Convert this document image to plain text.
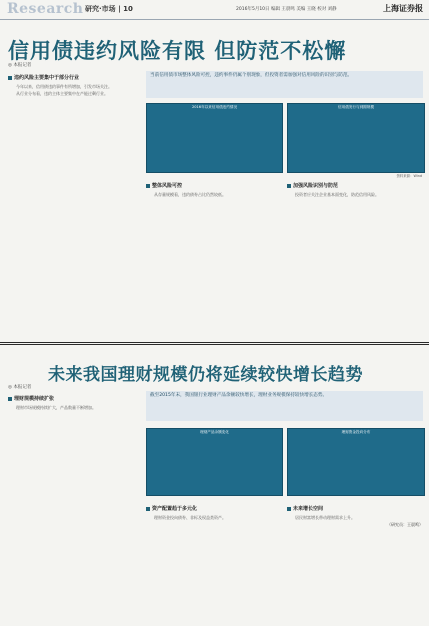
Research 研究·市场 | 10	2016年5月10日 编辑 王晨鸣 美编 王晓 校对 刘静	上海证券报
信用债违约风险有限 但防范不松懈
◎ 本报记者
违约风险主要集中于部分行业

今年以来，信用债违约事件有所增加，引发市场关注。

从行业分布看，违约主体主要集中在产能过剩行业。

当前信用债市场整体风险可控，违约事件仍属个别现象，但投资者需加强对信用风险的识别与防范。

2016年以来信用债违约情况	信用债发行与到期规模
资料来源：Wind
整体风险可控

从存量规模看，违约债券占比仍然较低。

加强风险识别与防范

投资者应关注企业基本面变化，防范信用风险。

未来我国理财规模仍将延续较快增长趋势
◎ 本报记者
理财规模持续扩张

理财市场规模持续扩大，产品数量不断增加。

截至2015年末，我国银行业理财产品余额较快增长，理财业务规模保持较快增长态势。

理财产品余额变化	理财资金投向分布
资产配置趋于多元化

理财资金投向债券、非标及权益类资产。

未来增长空间

居民财富增长带动理财需求上升。

（研究员：王晨鸣）
